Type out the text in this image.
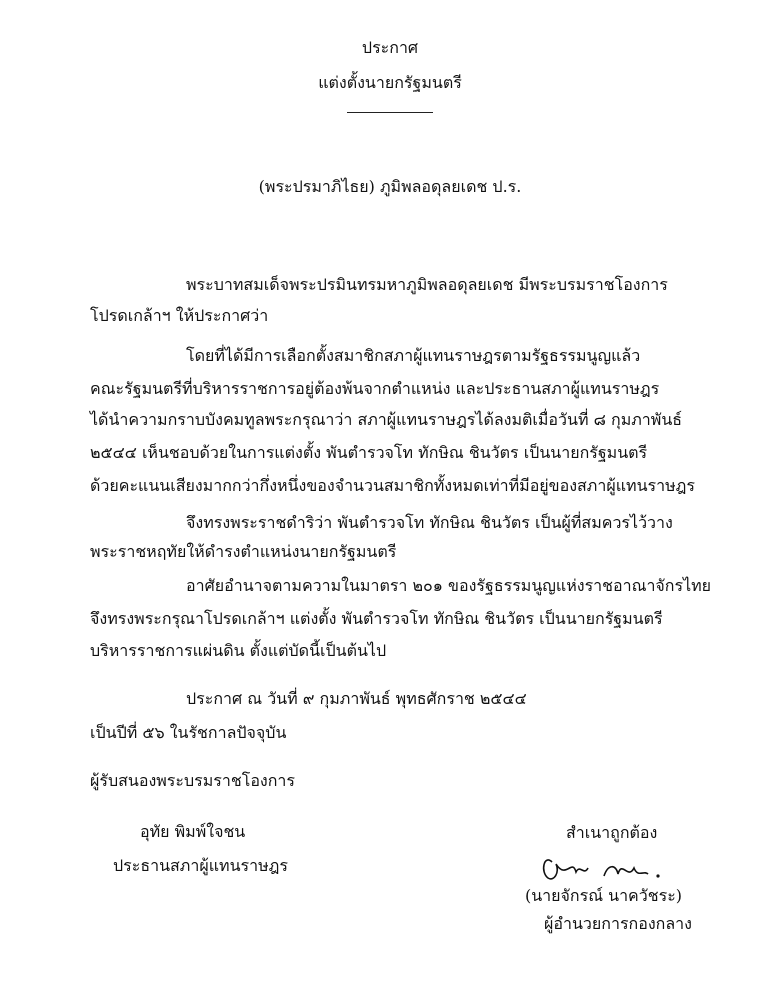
ประกาศ
แต่งตั้งนายกรัฐมนตรี
(พระปรมาภิไธย) ภูมิพลอดุลยเดช ป.ร.
พระบาทสมเด็จพระปรมินทรมหาภูมิพลอดุลยเดช มีพระบรมราชโองการ
โปรดเกล้าฯ ให้ประกาศว่า
โดยที่ได้มีการเลือกตั้งสมาชิกสภาผู้แทนราษฎรตามรัฐธรรมนูญแล้ว
คณะรัฐมนตรีที่บริหารราชการอยู่ต้องพ้นจากตำแหน่ง และประธานสภาผู้แทนราษฎร
ได้นำความกราบบังคมทูลพระกรุณาว่า สภาผู้แทนราษฎรได้ลงมติเมื่อวันที่ ๘ กุมภาพันธ์
๒๕๔๔ เห็นชอบด้วยในการแต่งตั้ง พันตำรวจโท ทักษิณ ชินวัตร เป็นนายกรัฐมนตรี
ด้วยคะแนนเสียงมากกว่ากึ่งหนึ่งของจำนวนสมาชิกทั้งหมดเท่าที่มีอยู่ของสภาผู้แทนราษฎร
จึงทรงพระราชดำริว่า พันตำรวจโท ทักษิณ ชินวัตร เป็นผู้ที่สมควรไว้วาง
พระราชหฤทัยให้ดำรงตำแหน่งนายกรัฐมนตรี
อาศัยอำนาจตามความในมาตรา ๒๐๑ ของรัฐธรรมนูญแห่งราชอาณาจักรไทย
จึงทรงพระกรุณาโปรดเกล้าฯ แต่งตั้ง พันตำรวจโท ทักษิณ ชินวัตร เป็นนายกรัฐมนตรี
บริหารราชการแผ่นดิน ตั้งแต่บัดนี้เป็นต้นไป
ประกาศ ณ วันที่ ๙ กุมภาพันธ์ พุทธศักราช ๒๕๔๔
เป็นปีที่ ๕๖ ในรัชกาลปัจจุบัน
ผู้รับสนองพระบรมราชโองการ
อุทัย พิมพ์ใจชน
ประธานสภาผู้แทนราษฎร
สำเนาถูกต้อง
(นายจักรณ์ นาควัชระ)
ผู้อำนวยการกองกลาง
